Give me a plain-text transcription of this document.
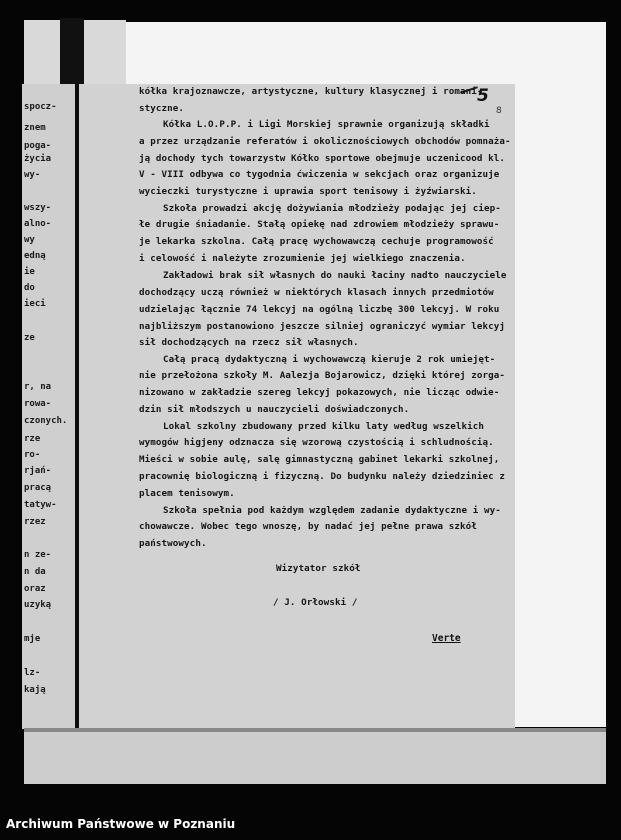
spocz-
znem
poga-
życia
wy-
wszy-
alno-
wy
edną
ie
do
ieci
ze
r, na
rowa-
czonych.
rze
ro-
rjań-
pracą
tatyw-
rzez
n ze-
n da
oraz
uzyką
mje
lz-
kają
5
8
kółka krajoznawcze, artystyczne, kultury klasycznej i romani-
styczne.
Kółka L.O.P.P. i Ligi Morskiej sprawnie organizują składki
a przez urządzanie referatów i okolicznościowych obchodów pomnaża-
ją dochody tych towarzystw Kółko sportowe obejmuje uczenicood kl.
V - VIII odbywa co tygodnia ćwiczenia w sekcjach oraz organizuje
wycieczki turystyczne i uprawia sport tenisowy i żyźwiarski.
Szkoła prowadzi akcję dożywiania młodzieży podając jej ciep-
łe drugie śniadanie. Stałą opiekę nad zdrowiem młodzieży sprawu-
je lekarka szkolna. Całą pracę wychowawczą cechuje programowość
i celowość i należyte zrozumienie jej wielkiego znaczenia.
Zakładowi brak sił własnych do nauki łaciny nadto nauczyciele
dochodzący uczą również w niektórych klasach innych przedmiotów
udzielając łącznie 74 lekcyj na ogólną liczbę 300 lekcyj. W roku
najbliższym postanowiono jeszcze silniej ograniczyć wymiar lekcyj
sił dochodzących na rzecz sił własnych.
Całą pracą dydaktyczną i wychowawczą kieruje 2 rok umiejęt-
nie przełożona szkoły M. Aalezja Bojarowicz, dzięki której zorga-
nizowano w zakładzie szereg lekcyj pokazowych, nie licząc odwie-
dzin sił młodszych u nauczycieli doświadczonych.
Lokal szkolny zbudowany przed kilku laty według wszelkich
wymogów higjeny odznacza się wzorową czystością i schludnością.
Mieści w sobie aulę, salę gimnastyczną gabinet lekarki szkolnej,
pracownię biologiczną i fizyczną. Do budynku należy dziedziniec z
placem tenisowym.
Szkoła spełnia pod każdym względem zadanie dydaktyczne i wy-
chowawcze. Wobec tego wnoszę, by nadać jej pełne prawa szkół
państwowych.
Wizytator szkół
/ J. Orłowski /
Verte
Archiwum Państwowe w Poznaniu
